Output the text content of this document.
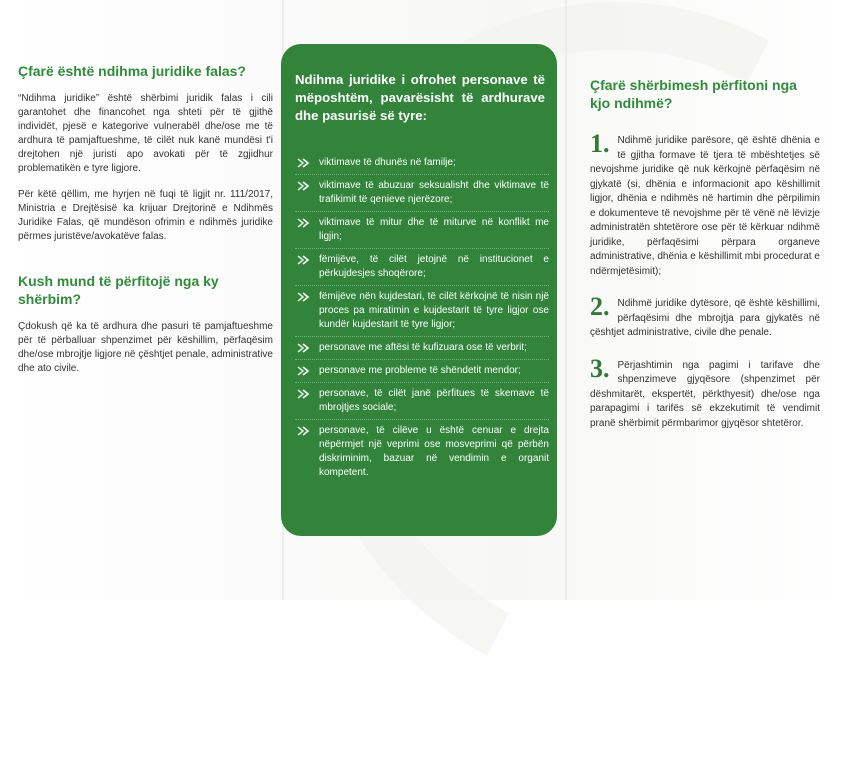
Çfarë është ndihma juridike falas?

“Ndihma juridike” është shërbimi juridik falas i cili garantohet dhe financohet nga shteti për të gjithë individët, pjesë e kategorive vulnerabël dhe/ose me të ardhura të pamjaftueshme, të cilët nuk kanë mundësi t'i drejtohen një juristi apo avokati për të zgjidhur problematikën e tyre ligjore.

Për këtë qëllim, me hyrjen në fuqi të ligjit nr. 111/2017, Ministria e Drejtësisë ka krijuar Drejtorinë e Ndihmës Juridike Falas, që mundëson ofrimin e ndihmës juridike përmes juristëve/avokatëve falas.

Kush mund të përfitojë nga ky shërbim?

Çdokush që ka të ardhura dhe pasuri të pamjaftueshme për të përballuar shpenzimet për këshillim, përfaqësim dhe/ose mbrojtje ligjore në çështjet penale, administrative dhe ato civile.

Ndihma juridike i ofrohet personave të mëposhtëm, pavarësisht të ardhurave dhe pasurisë së tyre:
viktimave të dhunës në familje;
viktimave të abuzuar seksualisht dhe viktimave të trafikimit të qenieve njerëzore;
viktimave të mitur dhe të miturve në konflikt me ligjin;
fëmijëve, të cilët jetojnë në institucionet e përkujdesjes shoqërore;
fëmijëve nën kujdestari, të cilët kërkojnë të nisin një proces pa miratimin e kujdestarit të tyre ligjor ose kundër kujdestarit të tyre ligjor;
personave me aftësi të kufizuara ose të verbrit;
personave me probleme të shëndetit mendor;
personave, të cilët janë përfitues të skemave të mbrojtjes sociale;
personave, të cilëve u është cenuar e drejta nëpërmjet një veprimi ose mosveprimi që përbën diskriminim, bazuar në vendimin e organit kompetent.
Çfarë shërbimesh përfitoni nga kjo ndihmë?
1. Ndihmë juridike parësore, që është dhënia e të gjitha formave të tjera të mbështetjes së nevojshme juridike që nuk kërkojnë përfaqësim në gjykatë (si, dhënia e informacionit apo këshillimit ligjor, dhënia e ndihmës në hartimin dhe përpilimin e dokumenteve të nevojshme për të vënë në lëvizje administratën shtetërore ose për të kërkuar ndihmë juridike, përfaqësimi përpara organeve administrative, dhënia e këshillimit mbi procedurat e ndërmjetësimit);
2. Ndihmë juridike dytësore, që është këshillimi, përfaqësimi dhe mbrojtja para gjykatës në çështjet administrative, civile dhe penale.
3. Përjashtimin nga pagimi i tarifave dhe shpenzimeve gjyqësore (shpenzimet për dëshmitarët, ekspertët, përkthyesit) dhe/ose nga parapagimi i tarifës së ekzekutimit të vendimit pranë shërbimit përmbarimor gjyqësor shtetëror.
